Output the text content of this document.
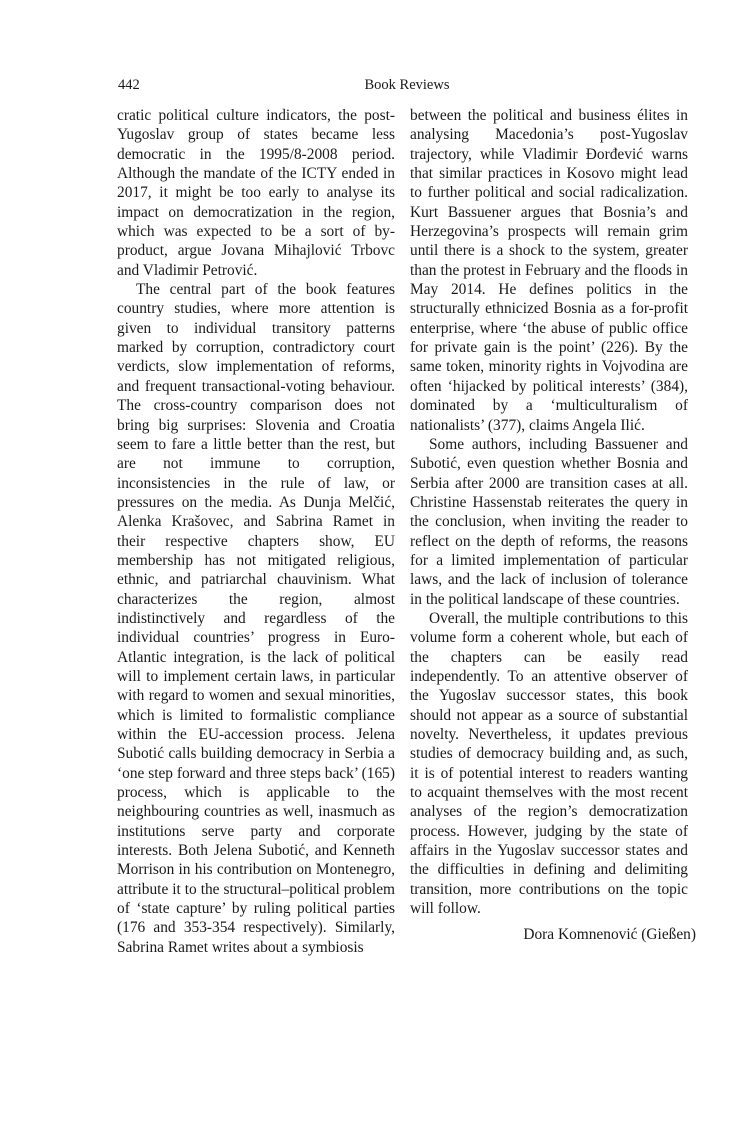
442	Book Reviews

cratic political culture indicators, the post-Yugoslav group of states became less democratic in the 1995/8-2008 period. Although the mandate of the ICTY ended in 2017, it might be too early to analyse its impact on democratization in the region, which was expected to be a sort of by-product, argue Jovana Mihajlović Trbovc and Vladimir Petrović.

The central part of the book features country studies, where more attention is given to individual transitory patterns marked by corruption, contradictory court verdicts, slow implementation of reforms, and frequent transactional-voting behaviour. The cross-country comparison does not bring big surprises: Slovenia and Croatia seem to fare a little better than the rest, but are not immune to corruption, inconsistencies in the rule of law, or pressures on the media. As Dunja Melčić, Alenka Krašovec, and Sabrina Ramet in their respective chapters show, EU membership has not mitigated religious, ethnic, and patriarchal chauvinism. What characterizes the region, almost indistinctively and regardless of the individual countries’ progress in Euro-Atlantic integration, is the lack of political will to implement certain laws, in particular with regard to women and sexual minorities, which is limited to formalistic compliance within the EU-accession process. Jelena Subotić calls building democracy in Serbia a ‘one step forward and three steps back’ (165) process, which is applicable to the neighbouring countries as well, inasmuch as institutions serve party and corporate interests. Both Jelena Subotić, and Kenneth Morrison in his contribution on Montenegro, attribute it to the structural–political problem of ‘state capture’ by ruling political parties (176 and 353-354 respectively). Similarly, Sabrina Ramet writes about a symbiosis

between the political and business élites in analysing Macedonia’s post-Yugoslav trajectory, while Vladimir Đorđević warns that similar practices in Kosovo might lead to further political and social radicalization. Kurt Bassuener argues that Bosnia’s and Herzegovina’s prospects will remain grim until there is a shock to the system, greater than the protest in February and the floods in May 2014. He defines politics in the structurally ethnicized Bosnia as a for-profit enterprise, where ‘the abuse of public office for private gain is the point’ (226). By the same token, minority rights in Vojvodina are often ‘hijacked by political interests’ (384), dominated by a ‘multiculturalism of nationalists’ (377), claims Angela Ilić.

Some authors, including Bassuener and Subotić, even question whether Bosnia and Serbia after 2000 are transition cases at all. Christine Hassenstab reiterates the query in the conclusion, when inviting the reader to reflect on the depth of reforms, the reasons for a limited implementation of particular laws, and the lack of inclusion of tolerance in the political landscape of these countries.

Overall, the multiple contributions to this volume form a coherent whole, but each of the chapters can be easily read independently. To an attentive observer of the Yugoslav successor states, this book should not appear as a source of substantial novelty. Nevertheless, it updates previous studies of democracy building and, as such, it is of potential interest to readers wanting to acquaint themselves with the most recent analyses of the region’s democratization process. However, judging by the state of affairs in the Yugoslav successor states and the difficulties in defining and delimiting transition, more contributions on the topic will follow.

Dora Komnenović (Gießen)
